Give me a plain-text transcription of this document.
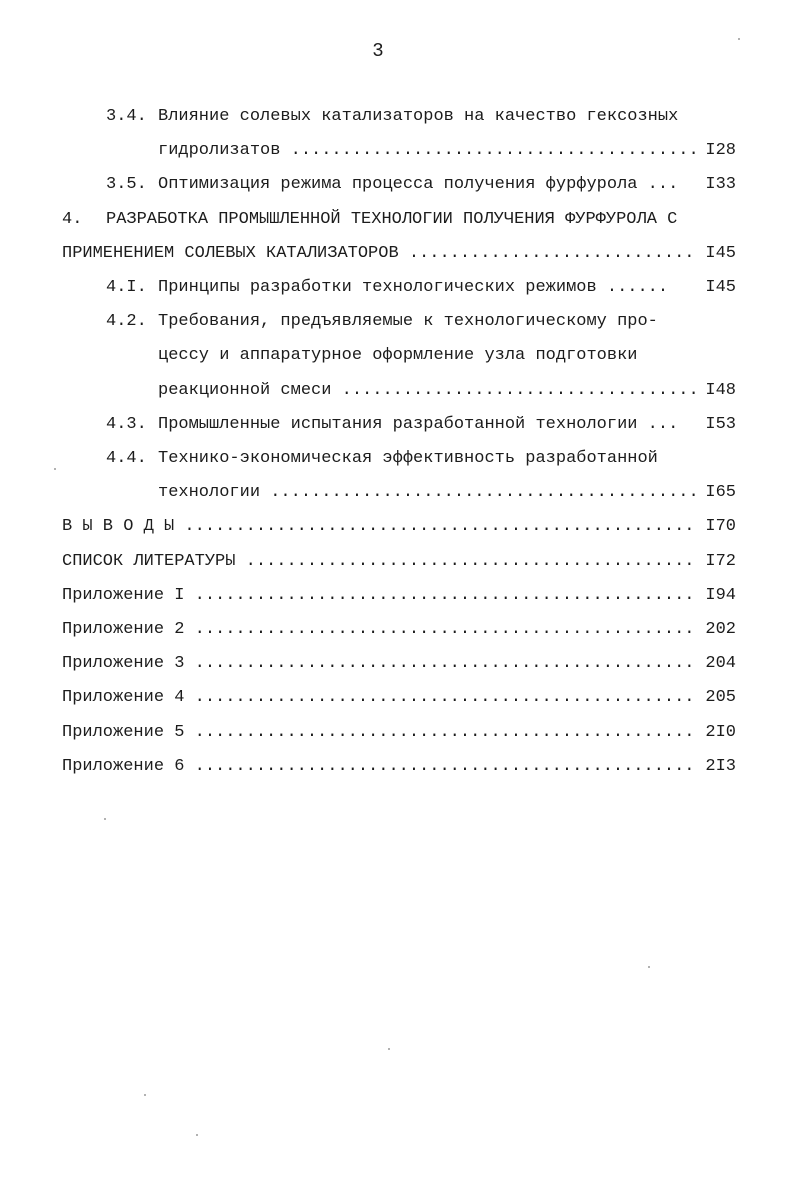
3
3.4. Влияние солевых катализаторов на качество гексозных
гидролизатов .....	I28
3.5. Оптимизация режима процесса получения фурфурола ...	I33
4. РАЗРАБОТКА ПРОМЫШЛЕННОЙ ТЕХНОЛОГИИ ПОЛУЧЕНИЯ ФУРФУРОЛА С
ПРИМЕНЕНИЕМ СОЛЕВЫХ КАТАЛИЗАТОРОВ .....	I45
4.I. Принципы разработки технологических режимов ......	I45
4.2. Требования, предъявляемые к технологическому про-
цессу и аппаратурное оформление узла подготовки
реакционной смеси .....	I48
4.3. Промышленные испытания разработанной технологии ...	I53
4.4. Технико-экономическая эффективность разработанной
технологии .....	I65
В Ы В О Д Ы .....	I70
СПИСОК ЛИТЕРАТУРЫ .....	I72
Приложение I .....	I94
Приложение 2 .....	202
Приложение 3 .....	204
Приложение 4 .....	205
Приложение 5 .....	2I0
Приложение 6 .....	2I3
